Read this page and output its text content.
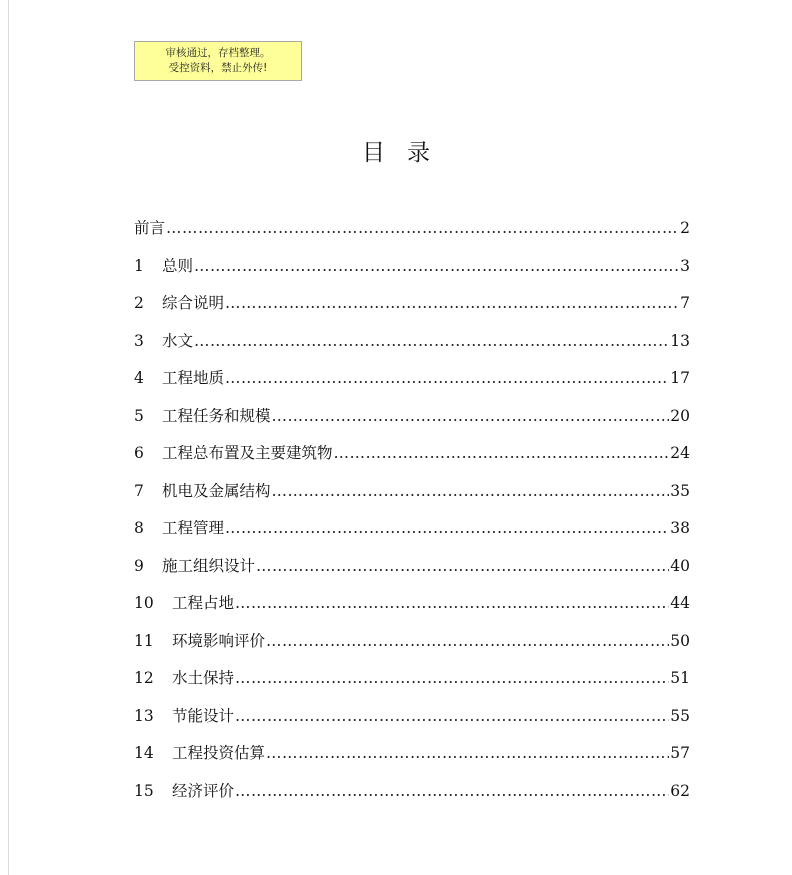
审核通过，存档整理。
受控资料，禁止外传!
目录
前言 ………………………………………………………………………………………………………………………………	2
1	总则 ………………………………………………………………………………………………………………………………	3
2	综合说明 ………………………………………………………………………………………………………………………………	7
3	水文 ………………………………………………………………………………………………………………………………	13
4	工程地质 ………………………………………………………………………………………………………………………………	17
5	工程任务和规模 ………………………………………………………………………………………………………………………………	20
6	工程总布置及主要建筑物 ………………………………………………………………………………………………………………………………	24
7	机电及金属结构 ………………………………………………………………………………………………………………………………	35
8	工程管理 ………………………………………………………………………………………………………………………………	38
9	施工组织设计 ………………………………………………………………………………………………………………………………	40
10	工程占地 ………………………………………………………………………………………………………………………………	44
11	环境影响评价 ………………………………………………………………………………………………………………………………	50
12	水土保持 ………………………………………………………………………………………………………………………………	51
13	节能设计 ………………………………………………………………………………………………………………………………	55
14	工程投资估算 ………………………………………………………………………………………………………………………………	57
15	经济评价 ………………………………………………………………………………………………………………………………	62
